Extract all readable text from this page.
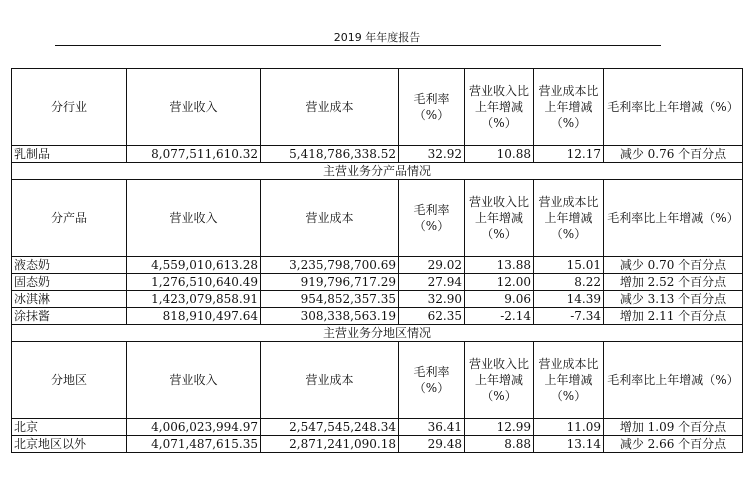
2019 年年度报告
分行业	营业收入	营业成本	毛利率（%）	营业收入比上年增减（%）	营业成本比上年增减（%）	毛利率比上年增减（%）
乳制品	8,077,511,610.32	5,418,786,338.52	32.92	10.88	12.17	减少 0.76 个百分点
主营业务分产品情况						
分产品	营业收入	营业成本	毛利率（%）	营业收入比上年增减（%）	营业成本比上年增减（%）	毛利率比上年增减（%）
液态奶	4,559,010,613.28	3,235,798,700.69	29.02	13.88	15.01	减少 0.70 个百分点
固态奶	1,276,510,640.49	919,796,717.29	27.94	12.00	8.22	增加 2.52 个百分点
冰淇淋	1,423,079,858.91	954,852,357.35	32.90	9.06	14.39	减少 3.13 个百分点
涂抹酱	818,910,497.64	308,338,563.19	62.35	-2.14	-7.34	增加 2.11 个百分点
主营业务分地区情况						
分地区	营业收入	营业成本	毛利率（%）	营业收入比上年增减（%）	营业成本比上年增减（%）	毛利率比上年增减（%）
北京	4,006,023,994.97	2,547,545,248.34	36.41	12.99	11.09	增加 1.09 个百分点
北京地区以外	4,071,487,615.35	2,871,241,090.18	29.48	8.88	13.14	减少 2.66 个百分点
